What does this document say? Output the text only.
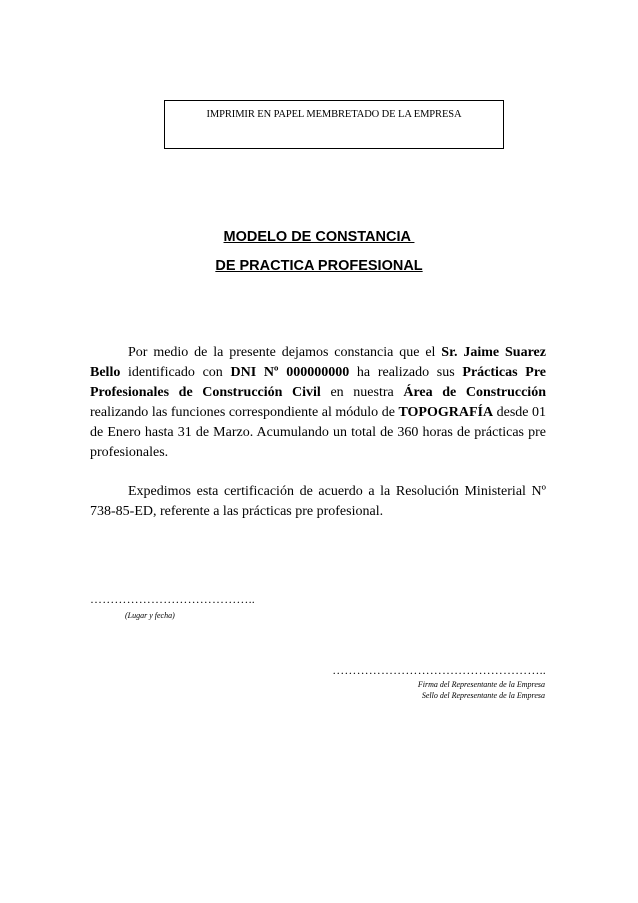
IMPRIMIR EN PAPEL MEMBRETADO DE LA EMPRESA
MODELO DE CONSTANCIA
DE PRACTICA PROFESIONAL

Por medio de la presente dejamos constancia que el Sr. Jaime Suarez Bello identificado con DNI Nº 000000000 ha realizado sus Prácticas Pre Profesionales de Construcción Civil en nuestra Área de Construcción realizando las funciones correspondiente al módulo de TOPOGRAFÍA desde 01 de Enero hasta 31 de Marzo. Acumulando un total de 360 horas de prácticas pre profesionales.

Expedimos esta certificación de acuerdo a la Resolución Ministerial Nº 738-85-ED, referente a las prácticas pre profesional.

…………………………………..
(Lugar y fecha)
……………………………………………..
Firma del Representante de la Empresa
Sello del Representante de la Empresa
